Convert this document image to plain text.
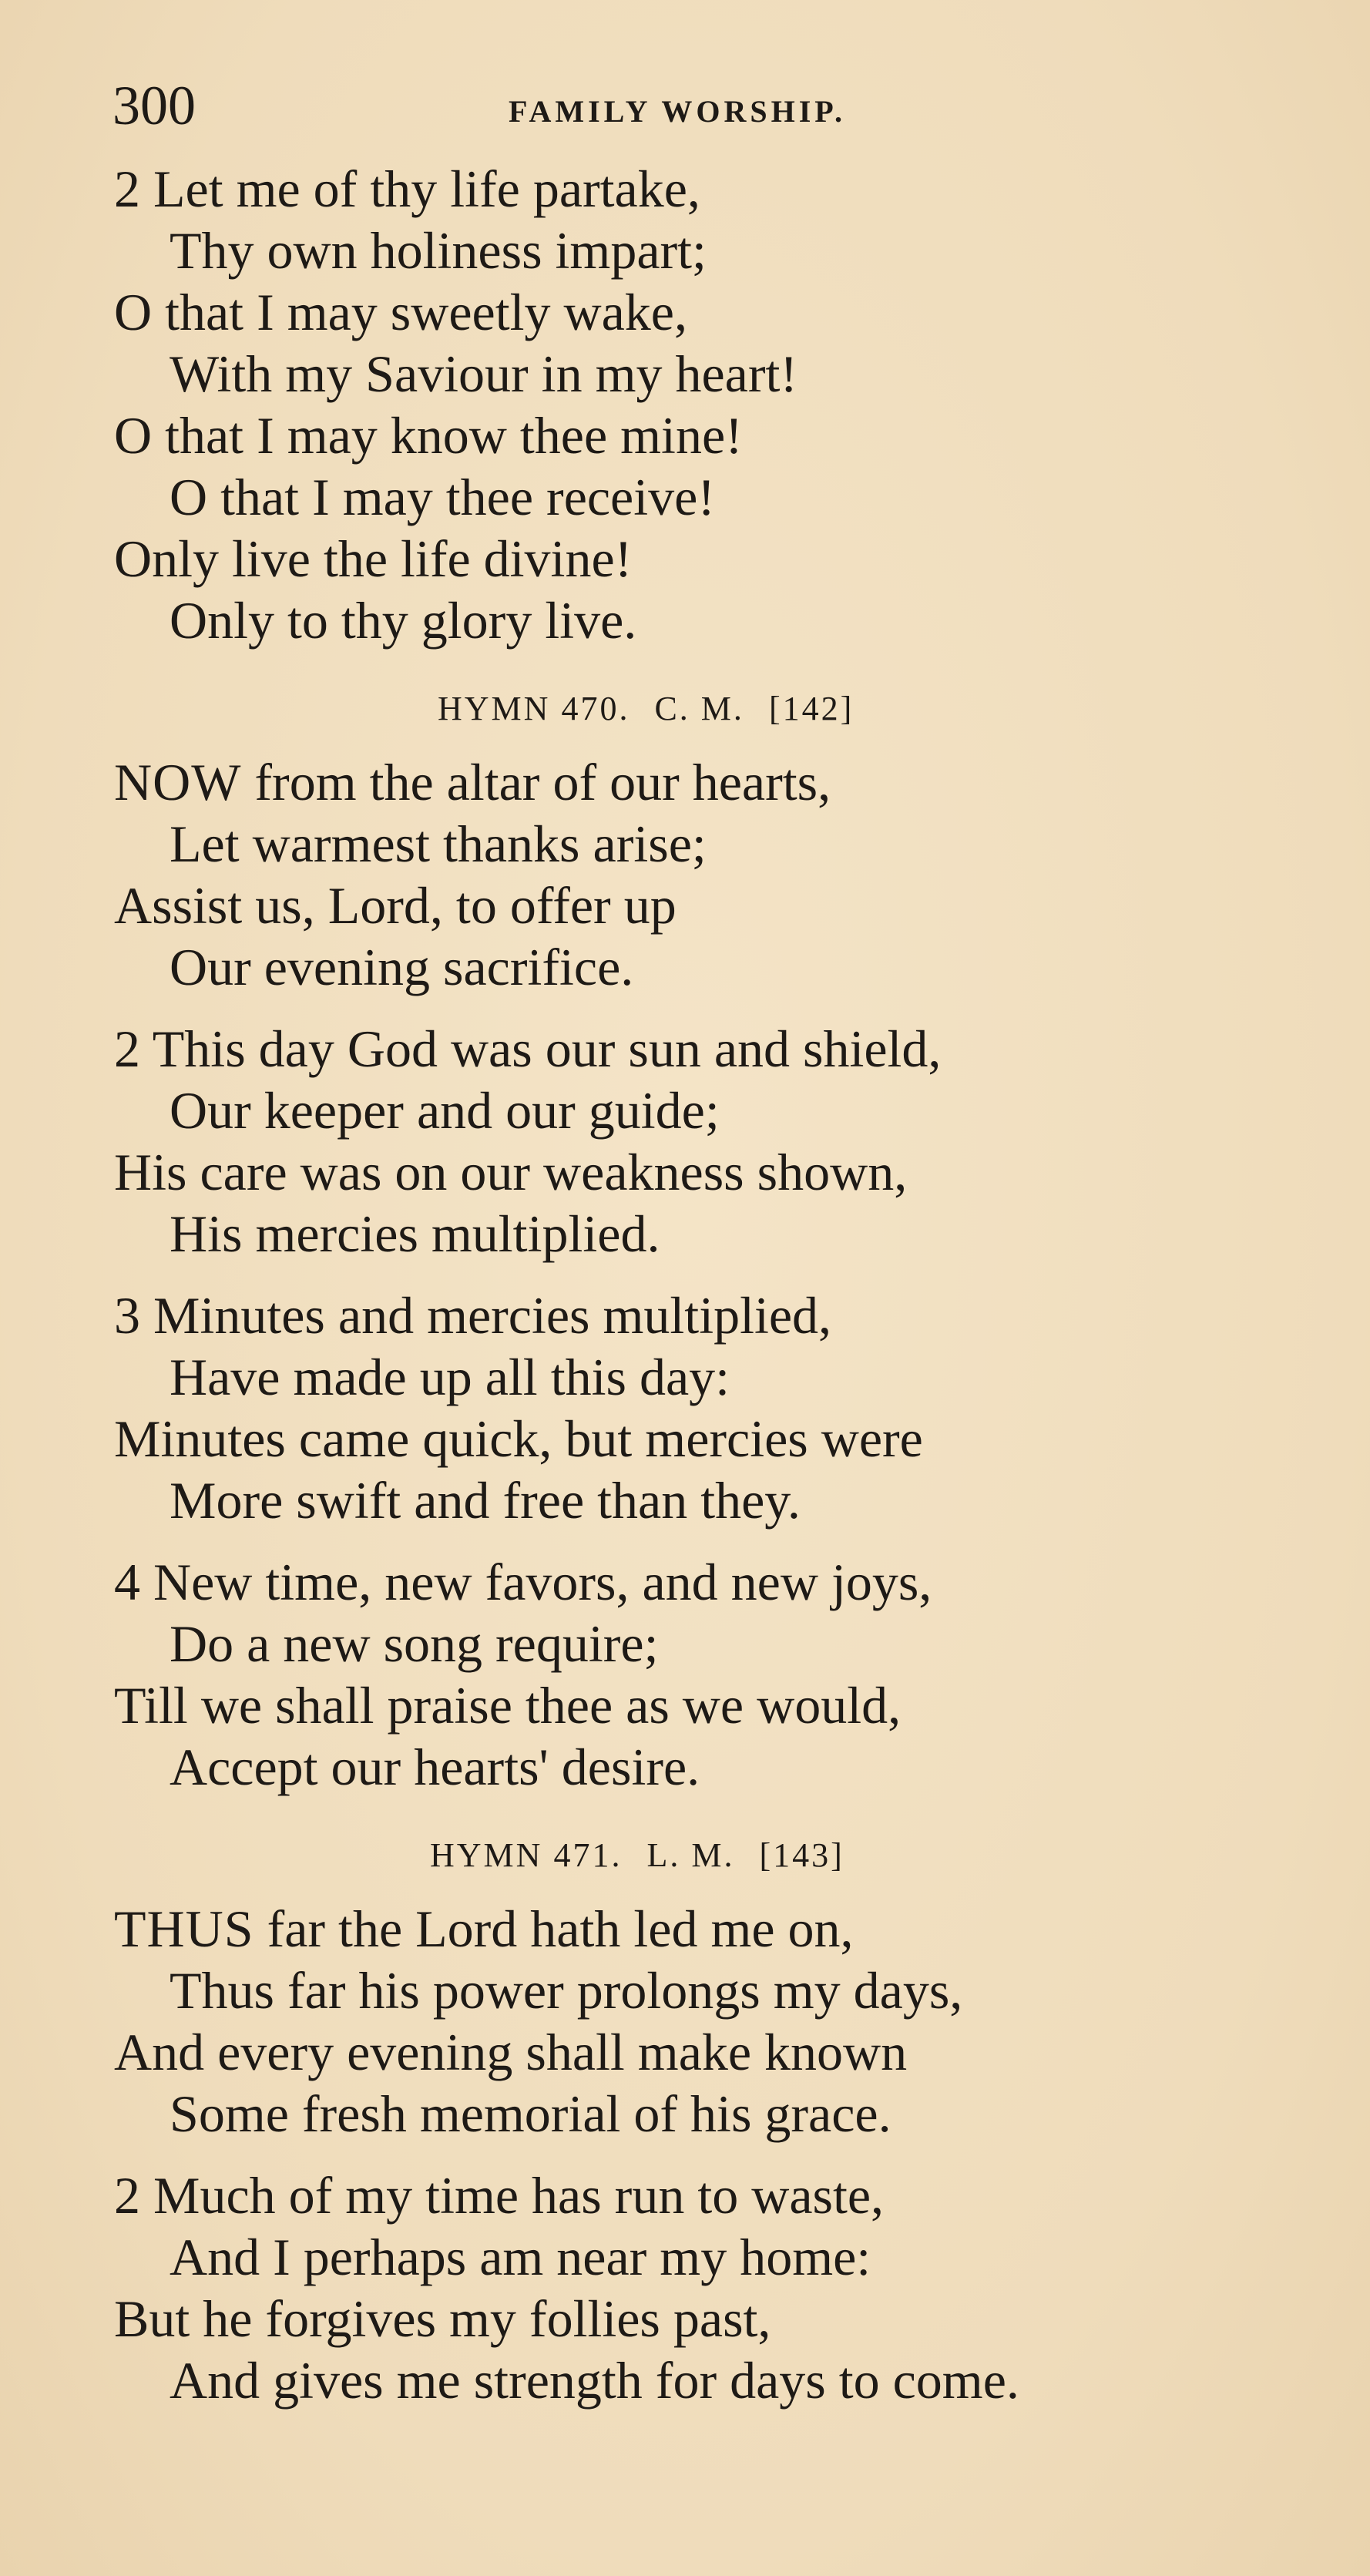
300	FAMILY WORSHIP.
2 Let me of thy life partake,
Thy own holiness impart;
O that I may sweetly wake,
With my Saviour in my heart!
O that I may know thee mine!
O that I may thee receive!
Only live the life divine!
Only to thy glory live.
HYMN 470. C. M. [142]
NOW from the altar of our hearts,
Let warmest thanks arise;
Assist us, Lord, to offer up
Our evening sacrifice.
2 This day God was our sun and shield,
Our keeper and our guide;
His care was on our weakness shown,
His mercies multiplied.
3 Minutes and mercies multiplied,
Have made up all this day:
Minutes came quick, but mercies were
More swift and free than they.
4 New time, new favors, and new joys,
Do a new song require;
Till we shall praise thee as we would,
Accept our hearts' desire.
HYMN 471. L. M. [143]
THUS far the Lord hath led me on,
Thus far his power prolongs my days,
And every evening shall make known
Some fresh memorial of his grace.
2 Much of my time has run to waste,
And I perhaps am near my home:
But he forgives my follies past,
And gives me strength for days to come.
